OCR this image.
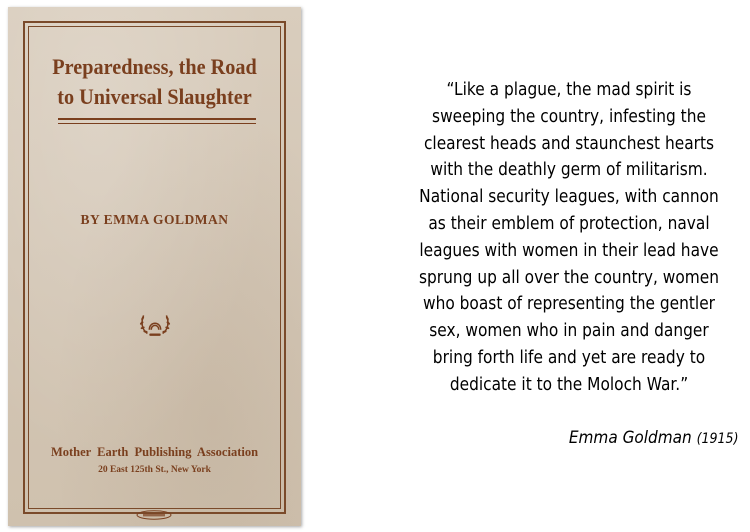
Preparedness, the Road
to Universal Slaughter
BY EMMA GOLDMAN
Mother Earth Publishing Association
20 East 125th St., New York
“Like a plague, the mad spirit is
sweeping the country, infesting the
clearest heads and staunchest hearts
with the deathly germ of militarism.
National security leagues, with cannon
as their emblem of protection, naval
leagues with women in their lead have
sprung up all over the country, women
who boast of representing the gentler
sex, women who in pain and danger
bring forth life and yet are ready to
dedicate it to the Moloch War.”
Emma Goldman (1915)
